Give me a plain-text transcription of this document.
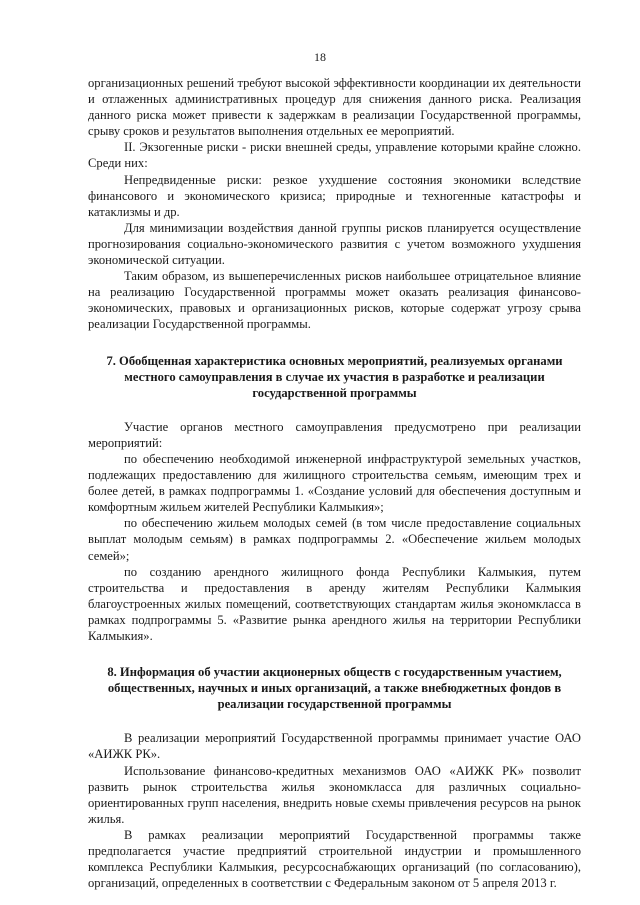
18

организационных решений требуют высокой эффективности координации их деятельности и отлаженных административных процедур для снижения данного риска. Реализация данного риска может привести к задержкам в реализации Государственной программы, срыву сроков и результатов выполнения отдельных ее мероприятий.

II. Экзогенные риски - риски внешней среды, управление которыми крайне сложно. Среди них:

Непредвиденные риски: резкое ухудшение состояния экономики вследствие финансового и экономического кризиса; природные и техногенные катастрофы и катаклизмы и др.

Для минимизации воздействия данной группы рисков планируется осуществление прогнозирования социально-экономического развития с учетом возможного ухудшения экономической ситуации.

Таким образом, из вышеперечисленных рисков наибольшее отрицательное влияние на реализацию Государственной программы может оказать реализация финансово-экономических, правовых и организационных рисков, которые содержат угрозу срыва реализации Государственной программы.

7. Обобщенная характеристика основных мероприятий, реализуемых органами местного самоуправления в случае их участия в разработке и реализации государственной программы

Участие органов местного самоуправления предусмотрено при реализации мероприятий:

по обеспечению необходимой инженерной инфраструктурой земельных участков, подлежащих предоставлению для жилищного строительства семьям, имеющим трех и более детей, в рамках подпрограммы 1. «Создание условий для обеспечения доступным и комфортным жильем жителей Республики Калмыкия»;

по обеспечению жильем молодых семей (в том числе предоставление социальных выплат молодым семьям) в рамках подпрограммы 2. «Обеспечение жильем молодых семей»;

по созданию арендного жилищного фонда Республики Калмыкия, путем строительства и предоставления в аренду жителям Республики Калмыкия благоустроенных жилых помещений, соответствующих стандартам жилья экономкласса в рамках подпрограммы 5. «Развитие рынка арендного жилья на территории Республики Калмыкия».

8. Информация об участии акционерных обществ с государственным участием, общественных, научных и иных организаций, а также внебюджетных фондов в реализации государственной программы

В реализации мероприятий Государственной программы принимает участие ОАО «АИЖК РК».

Использование финансово-кредитных механизмов ОАО «АИЖК РК» позволит развить рынок строительства жилья экономкласса для различных социально-ориентированных групп населения, внедрить новые схемы привлечения ресурсов на рынок жилья.

В рамках реализации мероприятий Государственной программы также предполагается участие предприятий строительной индустрии и промышленного комплекса Республики Калмыкия, ресурсоснабжающих организаций (по согласованию), организаций, определенных в соответствии с Федеральным законом от 5 апреля 2013 г.
